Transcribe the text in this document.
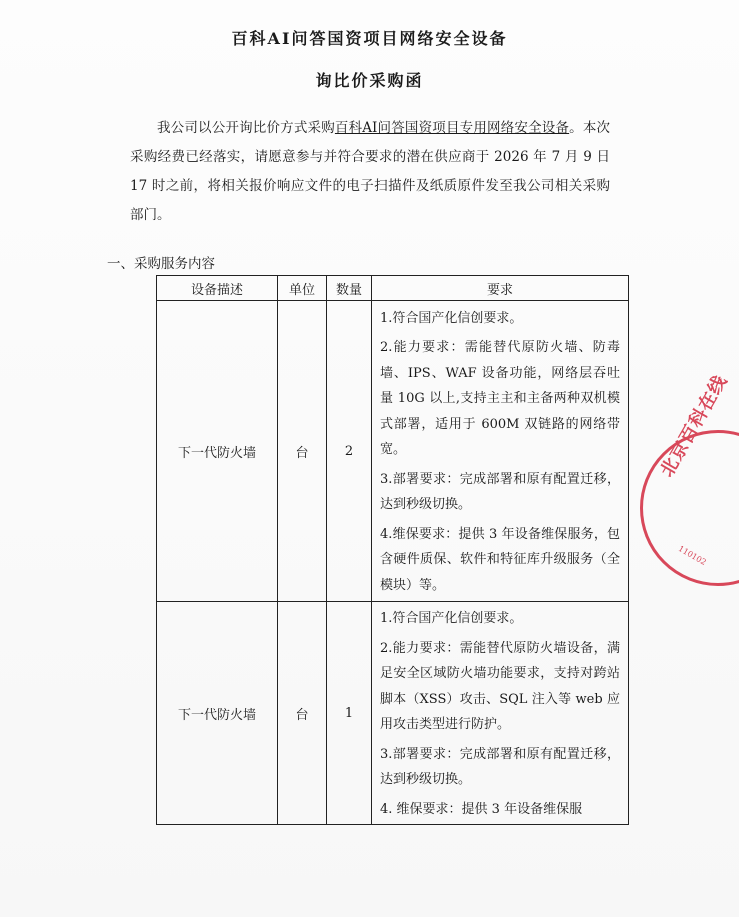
百科AI问答国资项目网络安全设备
询比价采购函
我公司以公开询比价方式采购百科AI问答国资项目专用网络安全设备。本次采购经费已经落实，请愿意参与并符合要求的潜在供应商于 2026 年 7 月 9 日 17 时之前，将相关报价响应文件的电子扫描件及纸质原件发至我公司相关采购部门。
一、采购服务内容
设备描述	单位	数量	要求
下一代防火墙	台	2	1.符合国产化信创要求。

2.能力要求：需能替代原防火墙、防毒墙、IPS、WAF 设备功能，网络层吞吐量 10G 以上,支持主主和主备两种双机模式部署，适用于 600M 双链路的网络带宽。

3.部署要求：完成部署和原有配置迁移，达到秒级切换。

4.维保要求：提供 3 年设备维保服务，包含硬件质保、软件和特征库升级服务（全模块）等。

下一代防火墙	台	1	1.符合国产化信创要求。

2.能力要求：需能替代原防火墙设备，满足安全区域防火墙功能要求，支持对跨站脚本（XSS）攻击、SQL 注入等 web 应用攻击类型进行防护。

3.部署要求：完成部署和原有配置迁移，达到秒级切换。

4. 维保要求：提供 3 年设备维保服

北京百科在线
110102
